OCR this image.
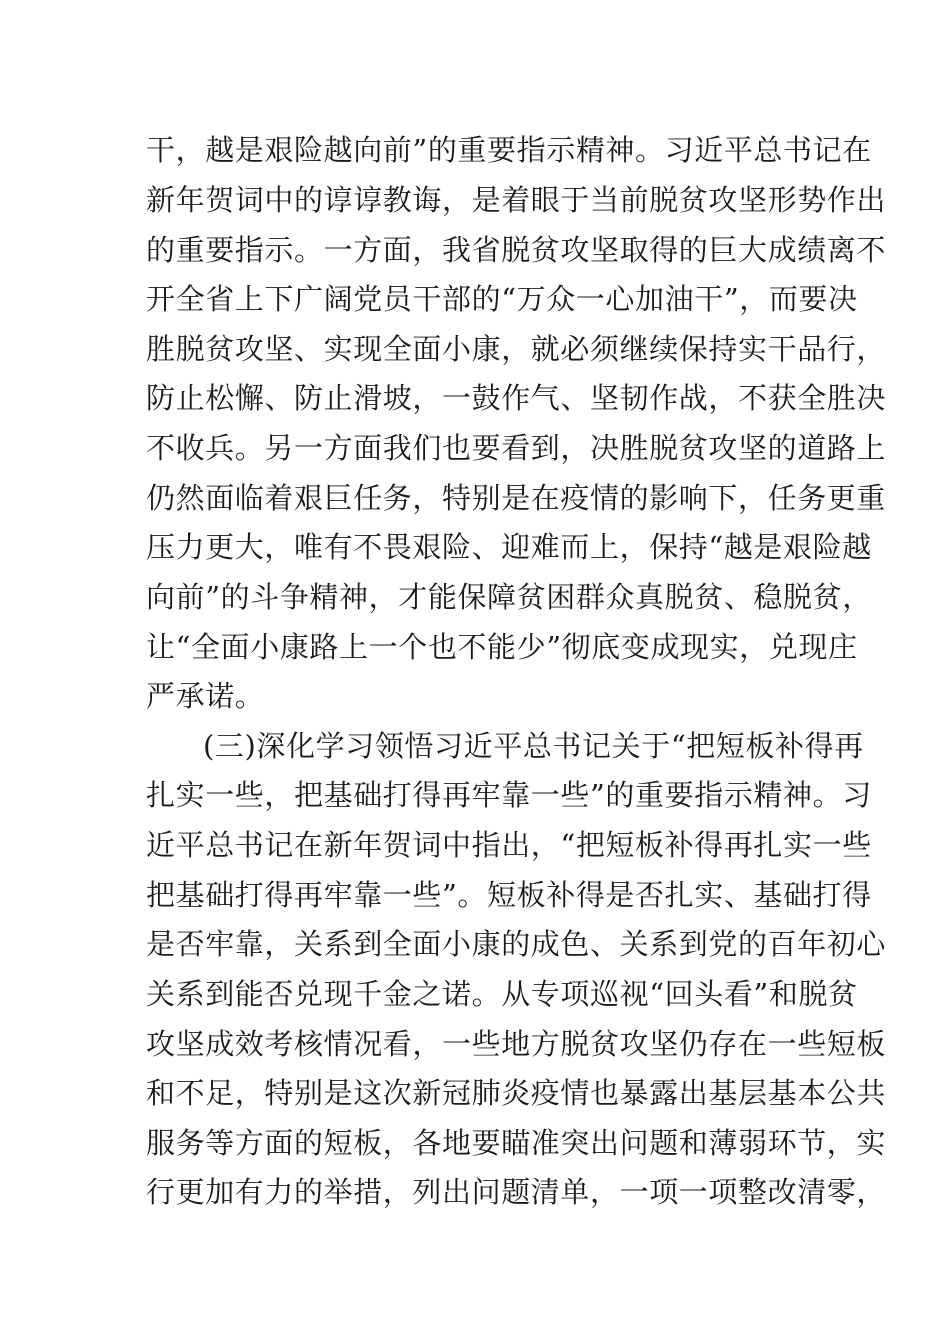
干，越是艰险越向前”的重要指示精神。习近平总书记在
新年贺词中的谆谆教诲，是着眼于当前脱贫攻坚形势作出
的重要指示。一方面，我省脱贫攻坚取得的巨大成绩离不
开全省上下广阔党员干部的“万众一心加油干”，而要决
胜脱贫攻坚、实现全面小康，就必须继续保持实干品行，
防止松懈、防止滑坡，一鼓作气、坚韧作战，不获全胜决
不收兵。另一方面我们也要看到，决胜脱贫攻坚的道路上
仍然面临着艰巨任务，特别是在疫情的影响下，任务更重
压力更大，唯有不畏艰险、迎难而上，保持“越是艰险越
向前”的斗争精神，才能保障贫困群众真脱贫、稳脱贫，
让“全面小康路上一个也不能少”彻底变成现实，兑现庄
严承诺。
(三)深化学习领悟习近平总书记关于“把短板补得再
扎实一些，把基础打得再牢靠一些”的重要指示精神。习
近平总书记在新年贺词中指出，“把短板补得再扎实一些
把基础打得再牢靠一些”。短板补得是否扎实、基础打得
是否牢靠，关系到全面小康的成色、关系到党的百年初心
关系到能否兑现千金之诺。从专项巡视“回头看”和脱贫
攻坚成效考核情况看，一些地方脱贫攻坚仍存在一些短板
和不足，特别是这次新冠肺炎疫情也暴露出基层基本公共
服务等方面的短板，各地要瞄准突出问题和薄弱环节，实
行更加有力的举措，列出问题清单，一项一项整改清零，
